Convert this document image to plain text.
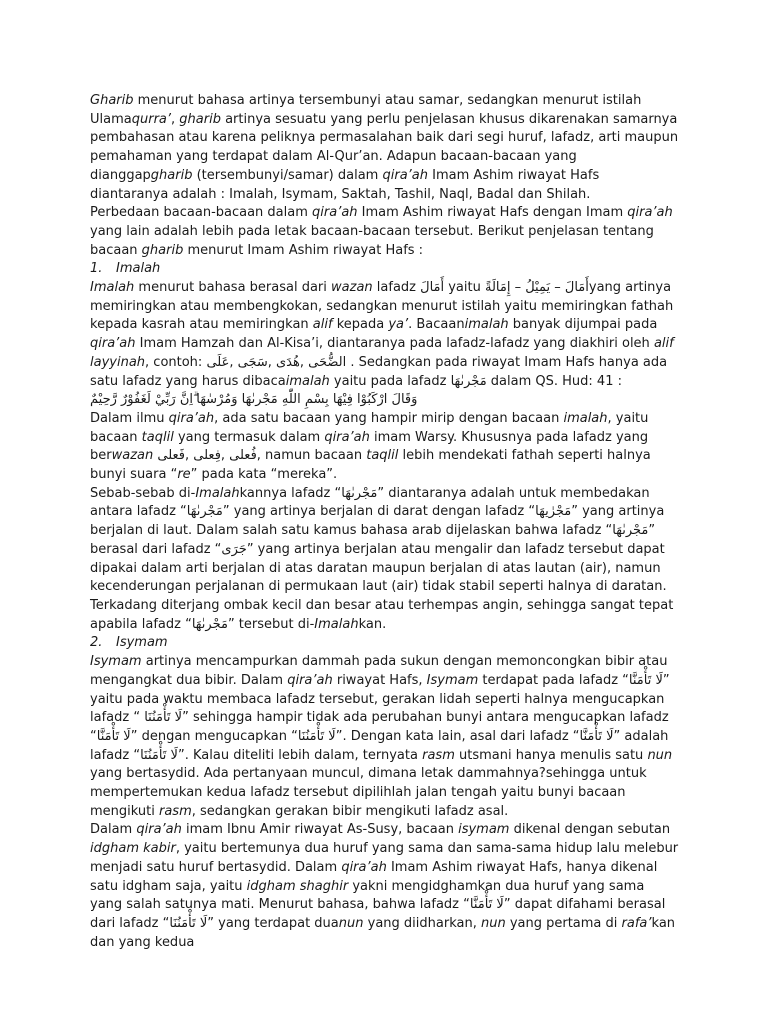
Gharib menurut bahasa artinya tersembunyi atau samar, sedangkan menurut istilah Ulamaqurra’, gharib artinya sesuatu yang perlu penjelasan khusus dikarenakan samarnya pembahasan atau karena peliknya permasalahan baik dari segi huruf, lafadz, arti maupun pemahaman yang terdapat dalam Al-Qur’an. Adapun bacaan-bacaan yang dianggapgharib (tersembunyi/samar) dalam qira’ah Imam Ashim riwayat Hafs diantaranya adalah : Imalah, Isymam, Saktah, Tashil, Naql, Badal dan Shilah.

Perbedaan bacaan-bacaan dalam qira’ah Imam Ashim riwayat Hafs dengan Imam qira’ah yang lain adalah lebih pada letak bacaan-bacaan tersebut. Berikut penjelasan tentang bacaan gharib menurut Imam Ashim riwayat Hafs :

1. Imalah

Imalah menurut bahasa berasal dari wazan lafadz أَمَالَ yaitu أَمَالَ – يَمِيْلُ – إِمَالَةًyang artinya memiringkan atau membengkokan, sedangkan menurut istilah yaitu memiringkan fathah kepada kasrah atau memiringkan alif kepada ya’. Bacaanimalah banyak dijumpai pada qira’ah Imam Hamzah dan Al-Kisa’i, diantaranya pada lafadz-lafadz yang diakhiri oleh alif layyinah, contoh: الضُّحَى ,هُدَى ,سَجَى ,عَلَى . Sedangkan pada riwayat Imam Hafs hanya ada satu lafadz yang harus dibacaimalah yaitu pada lafadz مَجْرىٰهَا dalam QS. Hud: 41 :

وَقَالَ ارْكَبُوْا فِيْهَا بِسْمِ اللّٰهِ مَجْرىٰهَا وَمُرْسٰهَا ۗاِنَّ رَبِّيْ لَغَفُوْرٌ رَّحِيْمٌ

Dalam ilmu qira’ah, ada satu bacaan yang hampir mirip dengan bacaan imalah, yaitu bacaan taqlil yang termasuk dalam qira’ah imam Warsy. Khususnya pada lafadz yang berwazan فُعلى ,فِعلى ,فَعلى, namun bacaan taqlil lebih mendekati fathah seperti halnya bunyi suara “re” pada kata “mereka”.

Sebab-sebab di-Imalahkannya lafadz “مَجْرىٰهَا” diantaranya adalah untuk membedakan antara lafadz “مَجْرىٰهَا” yang artinya berjalan di darat dengan lafadz “مَجْرٰيهَا” yang artinya berjalan di laut. Dalam salah satu kamus bahasa arab dijelaskan bahwa lafadz “مَجْرىٰهَا” berasal dari lafadz “جَرَى” yang artinya berjalan atau mengalir dan lafadz tersebut dapat dipakai dalam arti berjalan di atas daratan maupun berjalan di atas lautan (air), namun kecenderungan perjalanan di permukaan laut (air) tidak stabil seperti halnya di daratan. Terkadang diterjang ombak kecil dan besar atau terhempas angin, sehingga sangat tepat apabila lafadz “مَجْرىٰهَا” tersebut di-Imalahkan.

2. Isymam

Isymam artinya mencampurkan dammah pada sukun dengan memoncongkan bibir atau mengangkat dua bibir. Dalam qira’ah riwayat Hafs, Isymam terdapat pada lafadz “لَا تَأْمَنَّا” yaitu pada waktu membaca lafadz tersebut, gerakan lidah seperti halnya mengucapkan lafadz “ لَا تَأْمَنُنَا” sehingga hampir tidak ada perubahan bunyi antara mengucapkan lafadz “لَا تَأْمَنَّا” dengan mengucapkan “لَا تَأْمَنُنَا”. Dengan kata lain, asal dari lafadz “لَا تَأْمَنَّا” adalah lafadz “لَا تَأْمَنُنَا”. Kalau diteliti lebih dalam, ternyata rasm utsmani hanya menulis satu nun yang bertasydid. Ada pertanyaan muncul, dimana letak dammahnya?sehingga untuk mempertemukan kedua lafadz tersebut dipilihlah jalan tengah yaitu bunyi bacaan mengikuti rasm, sedangkan gerakan bibir mengikuti lafadz asal.

Dalam qira’ah imam Ibnu Amir riwayat As-Susy, bacaan isymam dikenal dengan sebutan idgham kabir, yaitu bertemunya dua huruf yang sama dan sama-sama hidup lalu melebur menjadi satu huruf bertasydid. Dalam qira’ah Imam Ashim riwayat Hafs, hanya dikenal satu idgham saja, yaitu idgham shaghir yakni mengidghamkan dua huruf yang sama yang salah satunya mati. Menurut bahasa, bahwa lafadz “لَا تَأْمَنَّا” dapat difahami berasal dari lafadz “لَا تَأْمَنُنَا” yang terdapat duanun yang diidharkan, nun yang pertama di rafa’kan dan yang kedua
